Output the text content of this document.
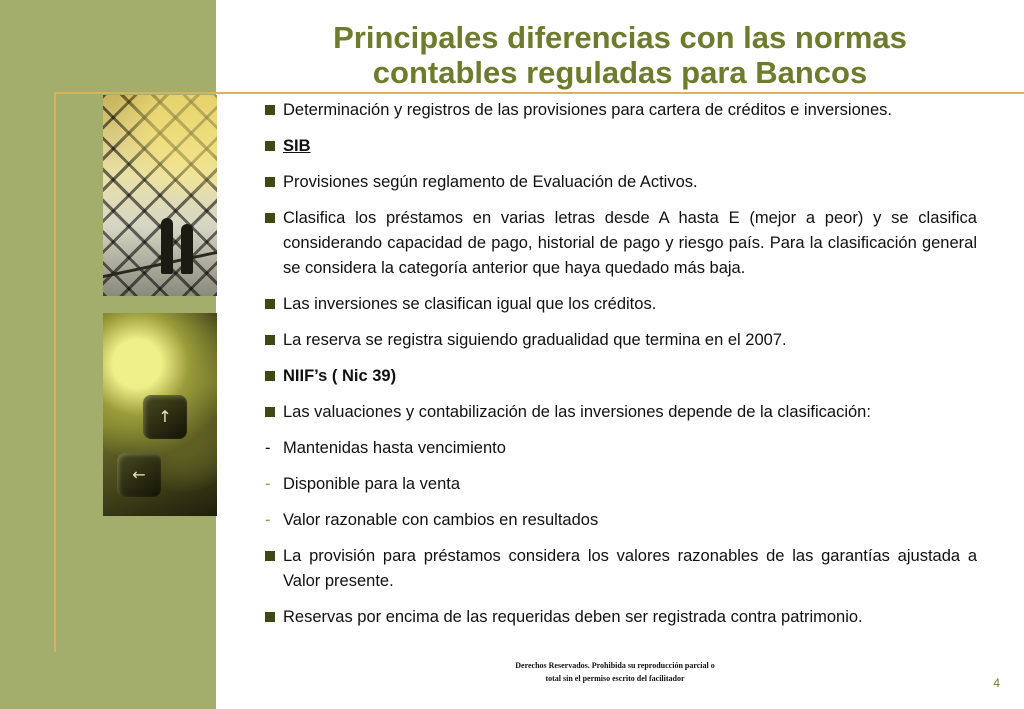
↑
←
Principales diferencias con las normas
contables reguladas para Bancos
Determinación y registros de las provisiones para cartera de créditos e inversiones.
SIB
Provisiones según reglamento de Evaluación de Activos.
Clasifica los préstamos en varias letras desde A hasta E (mejor a peor) y se clasifica considerando capacidad de pago, historial de pago y riesgo país. Para la clasificación general se considera la categoría anterior que haya quedado más baja.
Las inversiones se clasifican igual que los créditos.
La reserva se registra siguiendo gradualidad que termina en el 2007.
NIIF’s ( Nic 39)
Las valuaciones y contabilización de las inversiones depende de la clasificación:
- Mantenidas hasta vencimiento
- Disponible para la venta
- Valor razonable con cambios en resultados
La provisión para préstamos considera los valores razonables de las garantías ajustada a Valor presente.
Reservas por encima de las requeridas deben ser registrada contra patrimonio.
Derechos Reservados. Prohibida su reproducción parcial o
total sin el permiso escrito del facilitador	4
